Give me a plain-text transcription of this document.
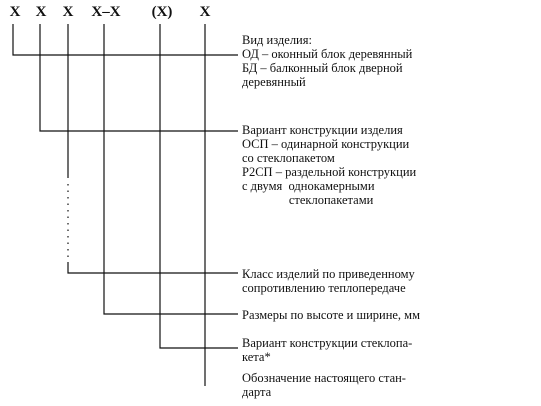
X X X X–X (X) X
Вид изделия:
ОД – оконный блок деревянный
БД – балконный блок дверной
деревянный
Вариант конструкции изделия
ОСП – одинарной конструкции
со стеклопакетом
Р2СП – раздельной конструкции
с двумя  однокамерными
стеклопакетами
Класс изделий по приведенному
сопротивлению теплопередаче
Размеры по высоте и ширине, мм
Вариант конструкции стеклопа-
кета*
Обозначение настоящего стан-
дарта
